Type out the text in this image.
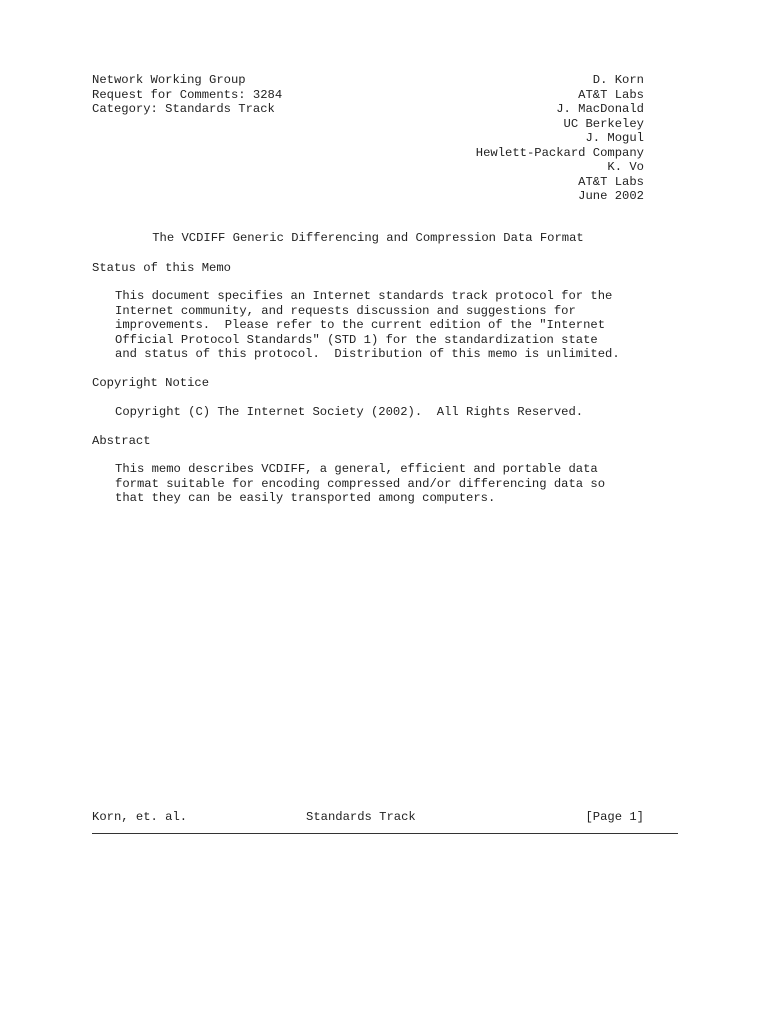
Network Working Group
Request for Comments: 3284
Category: Standards Track
D. Korn
AT&T Labs
J. MacDonald
UC Berkeley
J. Mogul
Hewlett-Packard Company
K. Vo
AT&T Labs
June 2002
The VCDIFF Generic Differencing and Compression Data Format
Status of this Memo
This document specifies an Internet standards track protocol for the
Internet community, and requests discussion and suggestions for
improvements.  Please refer to the current edition of the "Internet
Official Protocol Standards" (STD 1) for the standardization state
and status of this protocol.  Distribution of this memo is unlimited.
Copyright Notice
Copyright (C) The Internet Society (2002).  All Rights Reserved.
Abstract
This memo describes VCDIFF, a general, efficient and portable data
format suitable for encoding compressed and/or differencing data so
that they can be easily transported among computers.
Korn, et. al.	Standards Track	[Page 1]
